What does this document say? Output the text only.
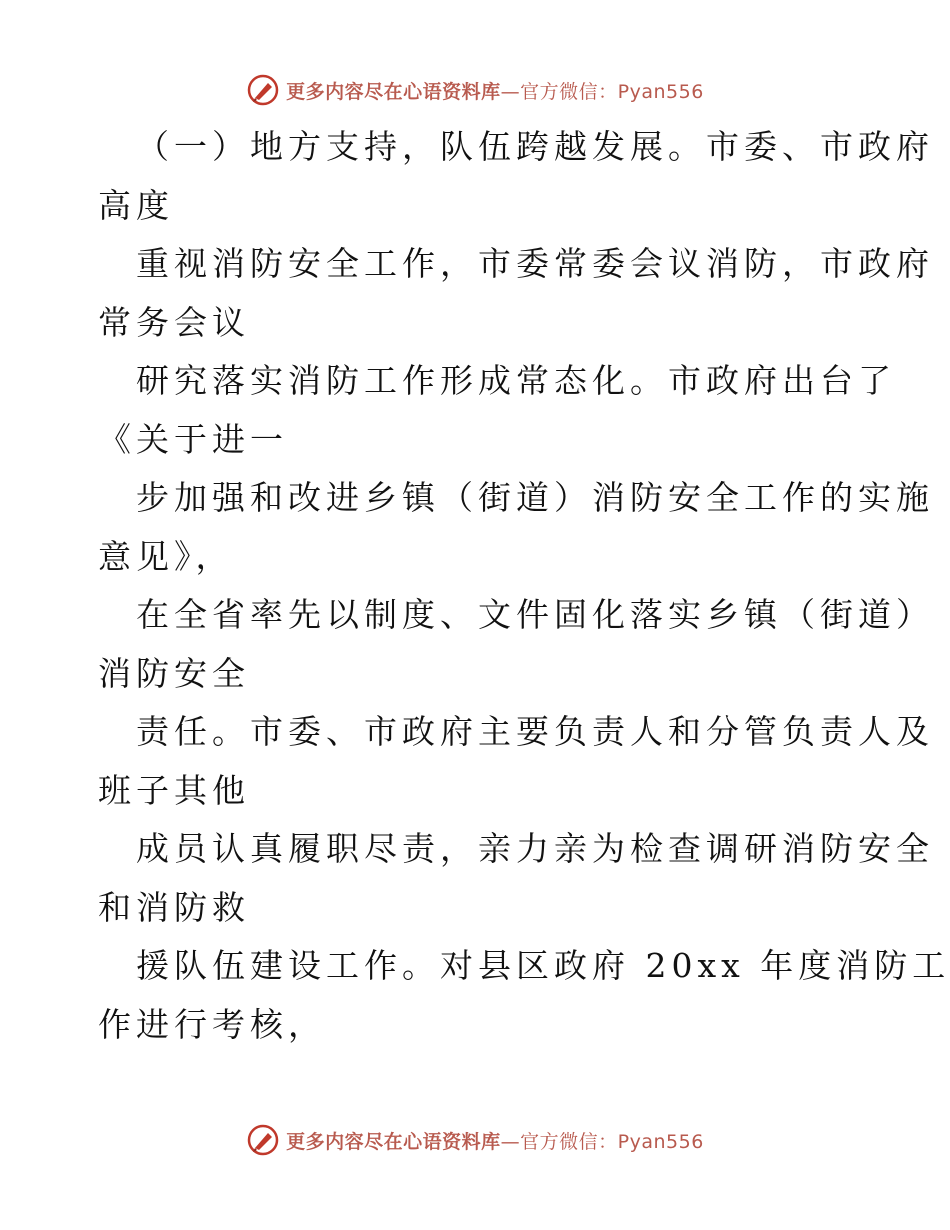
更多内容尽在心语资料库—官方微信：Pyan556
（一）地方支持，队伍跨越发展。市委、市政府
高度
重视消防安全工作，市委常委会议消防，市政府
常务会议
研究落实消防工作形成常态化。市政府出台了
《关于进一
步加强和改进乡镇（街道）消防安全工作的实施
意见》，
在全省率先以制度、文件固化落实乡镇（街道）
消防安全
责任。市委、市政府主要负责人和分管负责人及
班子其他
成员认真履职尽责，亲力亲为检查调研消防安全
和消防救
援队伍建设工作。对县区政府 20xx 年度消防工
作进行考核，
更多内容尽在心语资料库—官方微信：Pyan556
